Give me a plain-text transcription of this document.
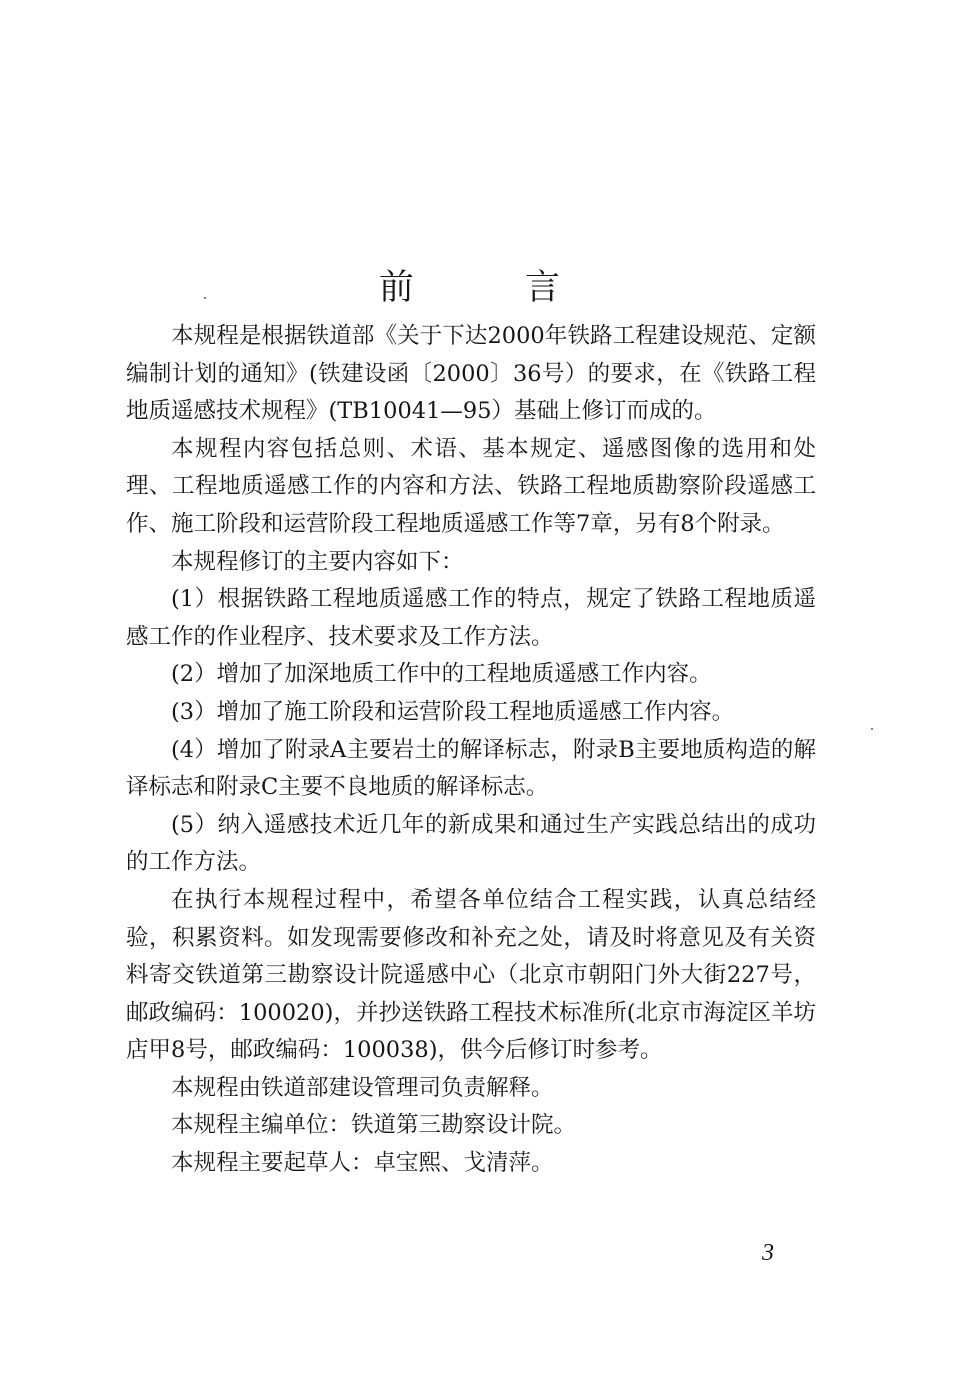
前 言

本规程是根据铁道部《关于下达2000年铁路工程建设规范、定额编制计划的通知》(铁建设函〔2000〕36号）的要求，在《铁路工程地质遥感技术规程》(TB10041—95）基础上修订而成的。

本规程内容包括总则、术语、基本规定、遥感图像的选用和处理、工程地质遥感工作的内容和方法、铁路工程地质勘察阶段遥感工作、施工阶段和运营阶段工程地质遥感工作等7章，另有8个附录。

本规程修订的主要内容如下：

(1）根据铁路工程地质遥感工作的特点，规定了铁路工程地质遥感工作的作业程序、技术要求及工作方法。

(2）增加了加深地质工作中的工程地质遥感工作内容。

(3）增加了施工阶段和运营阶段工程地质遥感工作内容。

(4）增加了附录A主要岩土的解译标志，附录B主要地质构造的解译标志和附录C主要不良地质的解译标志。

(5）纳入遥感技术近几年的新成果和通过生产实践总结出的成功的工作方法。

在执行本规程过程中，希望各单位结合工程实践，认真总结经验，积累资料。如发现需要修改和补充之处，请及时将意见及有关资料寄交铁道第三勘察设计院遥感中心（北京市朝阳门外大街227号，邮政编码：100020)，并抄送铁路工程技术标准所(北京市海淀区羊坊店甲8号，邮政编码：100038)，供今后修订时参考。

本规程由铁道部建设管理司负责解释。

本规程主编单位：铁道第三勘察设计院。

本规程主要起草人：卓宝熙、戈清萍。

3
